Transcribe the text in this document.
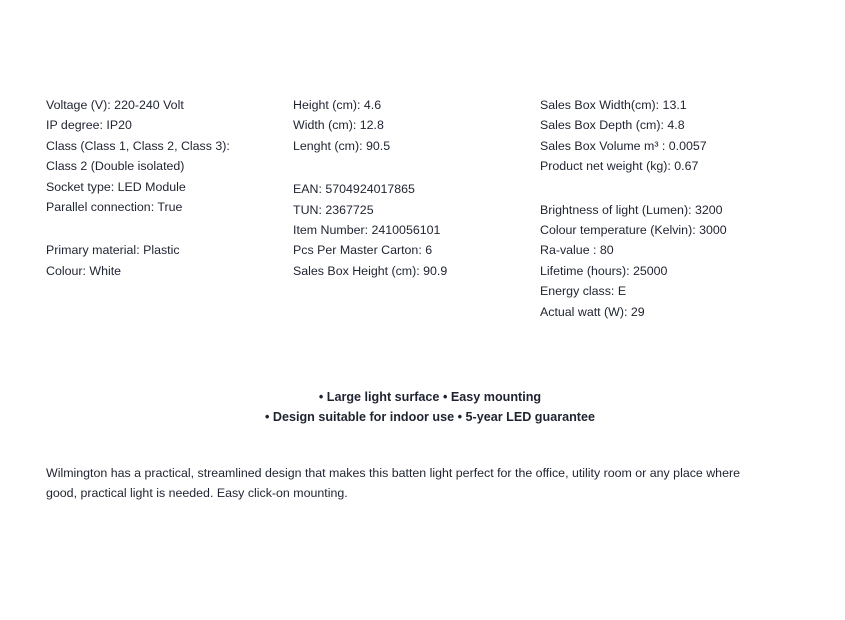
Voltage (V): 220-240 Volt
IP degree: IP20
Class (Class 1, Class 2, Class 3):
Class 2 (Double isolated)
Socket type: LED Module
Parallel connection: True
Primary material: Plastic
Colour: White
Height (cm): 4.6
Width (cm): 12.8
Lenght (cm): 90.5
EAN: 5704924017865
TUN: 2367725
Item Number: 2410056101
Pcs Per Master Carton: 6
Sales Box Height (cm): 90.9
Sales Box Width(cm): 13.1
Sales Box Depth (cm): 4.8
Sales Box Volume m³ : 0.0057
Product net weight (kg): 0.67
Brightness of light (Lumen): 3200
Colour temperature (Kelvin): 3000
Ra-value : 80
Lifetime (hours): 25000
Energy class: E
Actual watt (W): 29
• Large light surface • Easy mounting
• Design suitable for indoor use • 5-year LED guarantee
Wilmington has a practical, streamlined design that makes this batten light perfect for the office, utility room or any place where
good, practical light is needed. Easy click-on mounting.
